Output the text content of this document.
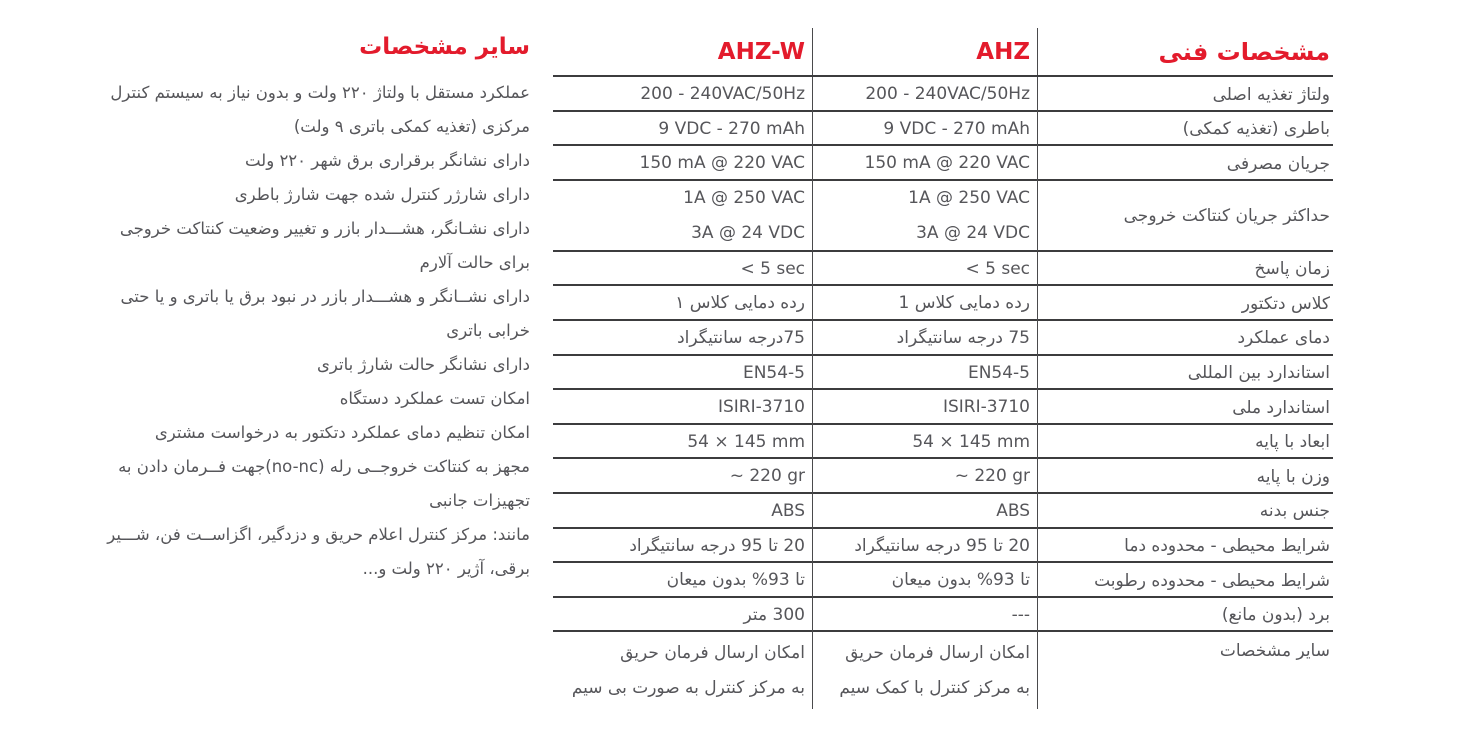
سایر مشخصات
عملکرد مستقل با ولتاژ ۲۲۰ ولت و بدون نیاز به سیستم کنترل
مرکزی (تغذیه کمکی باتری ۹ ولت)
دارای نشانگر برقراری برق شهر ۲۲۰ ولت
دارای شارژر کنترل شده جهت شارژ باطری
دارای نشـانگر، هشـــدار بازر و تغییر وضعیت کنتاکت خروجی
برای حالت آلارم
دارای نشــانگر و هشـــدار بازر در نبود برق یا باتری و یا حتی
خرابی باتری
دارای نشانگر حالت شارژ باتری
امکان تست عملکرد دستگاه
امکان تنظیم دمای عملکرد دتکتور به درخواست مشتری
مجهز به کنتاکت خروجــی رله (no-nc)جهت فــرمان دادن به
تجهیزات جانبی
مانند: مرکز کنترل اعلام حریق و دزدگیر، اگزاســت فن، شـــیر
برقی، آژیر ۲۲۰ ولت و...
مشخصات فنی
AHZ
AHZ-W
ولتاژ تغذیه اصلی
200 - 240VAC/50Hz
200 - 240VAC/50Hz
باطری (تغذیه کمکی)
9 VDC - 270 mAh
9 VDC - 270 mAh
جریان مصرفی
150 mA @ 220 VAC
150 mA @ 220 VAC
حداکثر جریان کنتاکت خروجی
1A @ 250 VAC
3A @ 24 VDC
1A @ 250 VAC
3A @ 24 VDC
زمان پاسخ
< 5 sec
< 5 sec
کلاس دتکتور
رده دمایی کلاس 1
رده دمایی کلاس ۱
دمای عملکرد
75 درجه سانتیگراد
75درجه سانتیگراد
استاندارد بین المللی
EN54-5
EN54-5
استاندارد ملی
ISIRI-3710
ISIRI-3710
ابعاد با پایه
54 × 145 mm
54 × 145 mm
وزن با پایه
~ 220 gr
~ 220 gr
جنس بدنه
ABS
ABS
شرایط محیطی - محدوده دما
20 تا 95 درجه سانتیگراد
20 تا 95 درجه سانتیگراد
شرایط محیطی - محدوده رطوبت
تا 93% بدون میعان
تا 93% بدون میعان
برد (بدون مانع)
---
300 متر
سایر مشخصات
امکان ارسال فرمان حریق
به مرکز کنترل با کمک سیم
امکان ارسال فرمان حریق
به مرکز کنترل به صورت بی سیم
